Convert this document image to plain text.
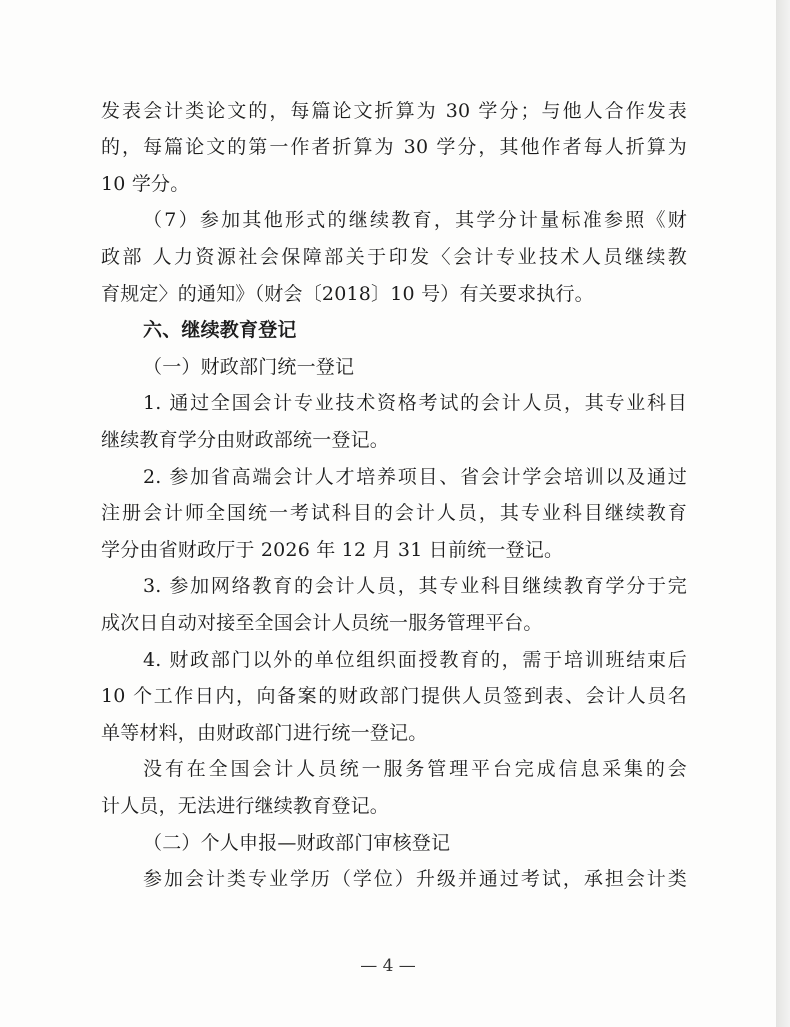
发表会计类论文的，每篇论文折算为 30 学分；与他人合作发表
的，每篇论文的第一作者折算为 30 学分，其他作者每人折算为
10 学分。
（7）参加其他形式的继续教育，其学分计量标准参照《财
政部 人力资源社会保障部关于印发〈会计专业技术人员继续教
育规定〉的通知》（财会〔2018〕10 号）有关要求执行。
六、继续教育登记
（一）财政部门统一登记
1. 通过全国会计专业技术资格考试的会计人员，其专业科目
继续教育学分由财政部统一登记。
2. 参加省高端会计人才培养项目、省会计学会培训以及通过
注册会计师全国统一考试科目的会计人员，其专业科目继续教育
学分由省财政厅于 2026 年 12 月 31 日前统一登记。
3. 参加网络教育的会计人员，其专业科目继续教育学分于完
成次日自动对接至全国会计人员统一服务管理平台。
4. 财政部门以外的单位组织面授教育的，需于培训班结束后
10 个工作日内，向备案的财政部门提供人员签到表、会计人员名
单等材料，由财政部门进行统一登记。
没有在全国会计人员统一服务管理平台完成信息采集的会
计人员，无法进行继续教育登记。
（二）个人申报—财政部门审核登记
参加会计类专业学历（学位）升级并通过考试，承担会计类
— 4 —
